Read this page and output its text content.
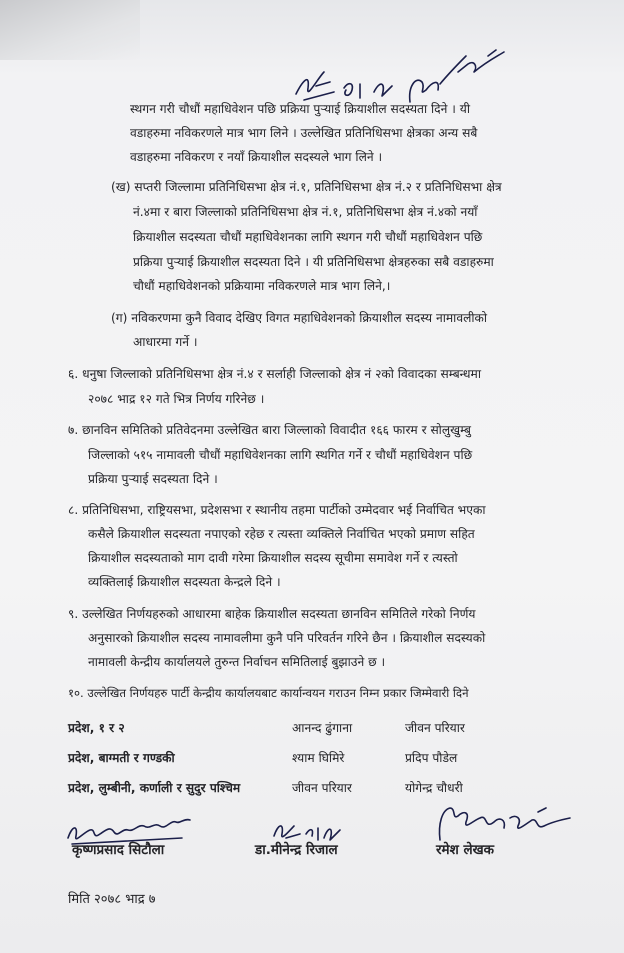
स्थगन गरी चौधौं महाधिवेशन पछि प्रक्रिया पुऱ्याई क्रियाशील सदस्यता दिने । यी
वडाहरुमा नविकरणले मात्र भाग लिने । उल्लेखित प्रतिनिधिसभा क्षेत्रका अन्य सबै
वडाहरुमा नविकरण र नयाँ क्रियाशील सदस्यले भाग लिने ।
(ख) सप्तरी जिल्लामा प्रतिनिधिसभा क्षेत्र नं.१, प्रतिनिधिसभा क्षेत्र नं.२ र प्रतिनिधिसभा क्षेत्र
नं.४मा र बारा जिल्लाको प्रतिनिधिसभा क्षेत्र नं.१, प्रतिनिधिसभा क्षेत्र नं.४को नयाँ
क्रियाशील सदस्यता चौधौं महाधिवेशनका लागि स्थगन गरी चौधौं महाधिवेशन पछि
प्रक्रिया पुऱ्याई क्रियाशील सदस्यता दिने । यी प्रतिनिधिसभा क्षेत्रहरुका सबै वडाहरुमा
चौधौं महाधिवेशनको प्रक्रियामा नविकरणले मात्र भाग लिने,।
(ग) नविकरणमा कुनै विवाद देखिए विगत महाधिवेशनको क्रियाशील सदस्य नामावलीको
आधारमा गर्ने ।
६. धनुषा जिल्लाको प्रतिनिधिसभा क्षेत्र नं.४ र सर्लाही जिल्लाको क्षेत्र नं २को विवादका सम्बन्धमा
२०७८ भाद्र १२ गते भित्र निर्णय गरिनेछ ।
७. छानविन समितिको प्रतिवेदनमा उल्लेखित बारा जिल्लाको विवादीत १६६ फारम र सोलुखुम्बु
जिल्लाको ५१५ नामावली चौधौं महाधिवेशनका लागि स्थगित गर्ने र चौधौं महाधिवेशन पछि
प्रक्रिया पुऱ्याई सदस्यता दिने ।
८. प्रतिनिधिसभा, राष्ट्रियसभा, प्रदेशसभा र स्थानीय तहमा पार्टीको उम्मेदवार भई निर्वाचित भएका
कसैले क्रियाशील सदस्यता नपाएको रहेछ र त्यस्ता व्यक्तिले निर्वाचित भएको प्रमाण सहित
क्रियाशील सदस्यताको माग दावी गरेमा क्रियाशील सदस्य सूचीमा समावेश गर्ने र त्यस्तो
व्यक्तिलाई क्रियाशील सदस्यता केन्द्रले दिने ।
९. उल्लेखित निर्णयहरुको आधारमा बाहेक क्रियाशील सदस्यता छानविन समितिले गरेको निर्णय
अनुसारको क्रियाशील सदस्य नामावलीमा कुनै पनि परिवर्तन गरिने छैन । क्रियाशील सदस्यको
नामावली केन्द्रीय कार्यालयले तुरुन्त निर्वाचन समितिलाई बुझाउने छ ।
१०. उल्लेखित निर्णयहरु पार्टी केन्द्रीय कार्यालयबाट कार्यान्वयन गराउन निम्न प्रकार जिम्मेवारी दिने
प्रदेश, १ र २	आनन्द ढुंगाना	जीवन परियार
प्रदेश, बाग्मती र गण्डकी	श्याम घिमिरे	प्रदिप पौडेल
प्रदेश, लुम्बीनी, कर्णाली र सुदुर पश्चिम	जीवन परियार	योगेन्द्र चौधरी
कृष्णप्रसाद सिटौला	डा.मीनेन्द्र रिजाल	रमेश लेखक
मिति २०७८ भाद्र ७
